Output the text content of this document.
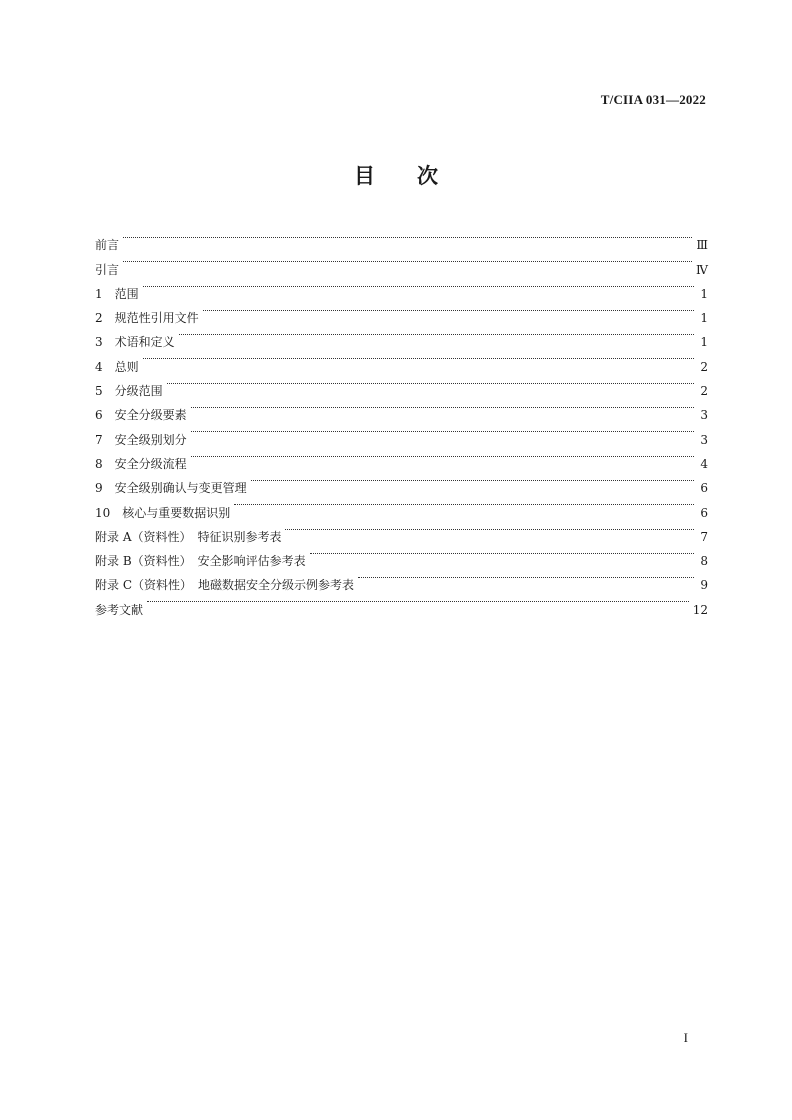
T/CIIA 031—2022
目次
前言	Ⅲ
引言	Ⅳ
1　范围	1
2　规范性引用文件	1
3　术语和定义	1
4　总则	2
5　分级范围	2
6　安全分级要素	3
7　安全级别划分	3
8　安全分级流程	4
9　安全级别确认与变更管理	6
10　核心与重要数据识别	6
附录 A（资料性）　特征识别参考表	7
附录 B（资料性）　安全影响评估参考表	8
附录 C（资料性）　地磁数据安全分级示例参考表	9
参考文献	12
I
